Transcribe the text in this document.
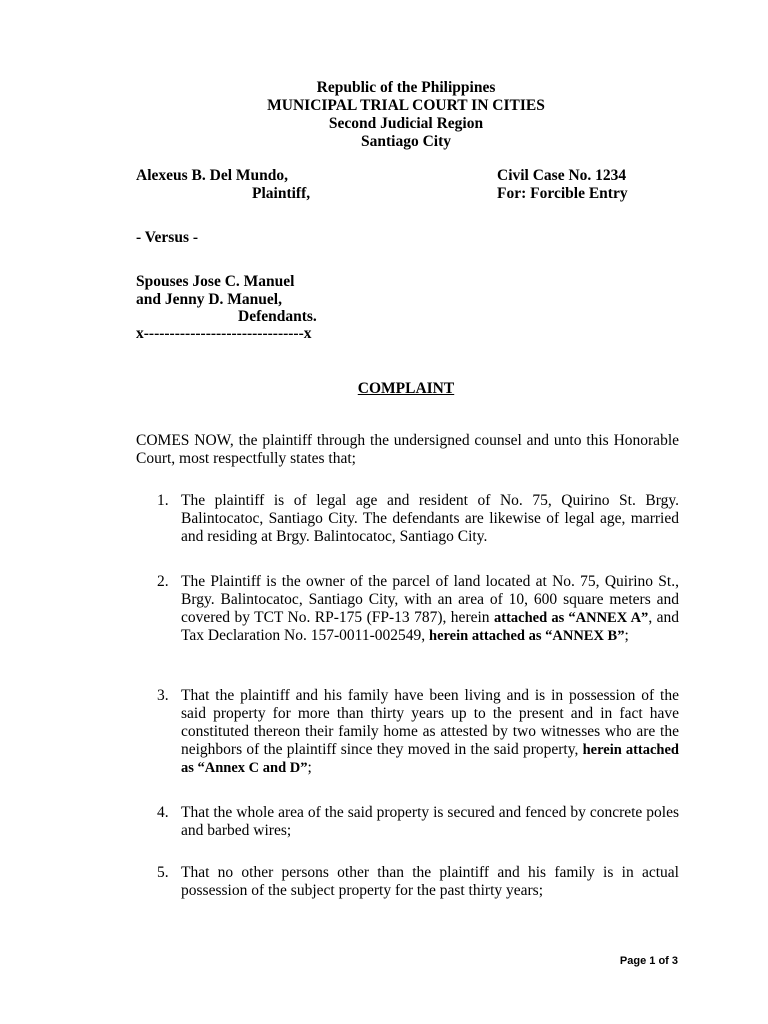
Republic of the Philippines
MUNICIPAL TRIAL COURT IN CITIES
Second Judicial Region
Santiago City
Alexeus B. Del Mundo,
Plaintiff,
Civil Case No. 1234
For: Forcible Entry
- Versus -
Spouses Jose C. Manuel
and Jenny D. Manuel,
Defendants.
x-------------------------------x
COMPLAINT
COMES NOW, the plaintiff through the undersigned counsel and unto this Honorable Court, most respectfully states that;
1. The plaintiff is of legal age and resident of No. 75, Quirino St. Brgy. Balintocatoc, Santiago City. The defendants are likewise of legal age, married and residing at Brgy. Balintocatoc, Santiago City.
2. The Plaintiff is the owner of the parcel of land located at No. 75, Quirino St., Brgy. Balintocatoc, Santiago City, with an area of 10, 600 square meters and covered by TCT No. RP-175 (FP-13 787), herein attached as “ANNEX A”, and Tax Declaration No. 157-0011-002549, herein attached as “ANNEX B”;
3. That the plaintiff and his family have been living and is in possession of the said property for more than thirty years up to the present and in fact have constituted thereon their family home as attested by two witnesses who are the neighbors of the plaintiff since they moved in the said property, herein attached as “Annex C and D”;
4. That the whole area of the said property is secured and fenced by concrete poles and barbed wires;
5. That no other persons other than the plaintiff and his family is in actual possession of the subject property for the past thirty years;
Page 1 of 3
